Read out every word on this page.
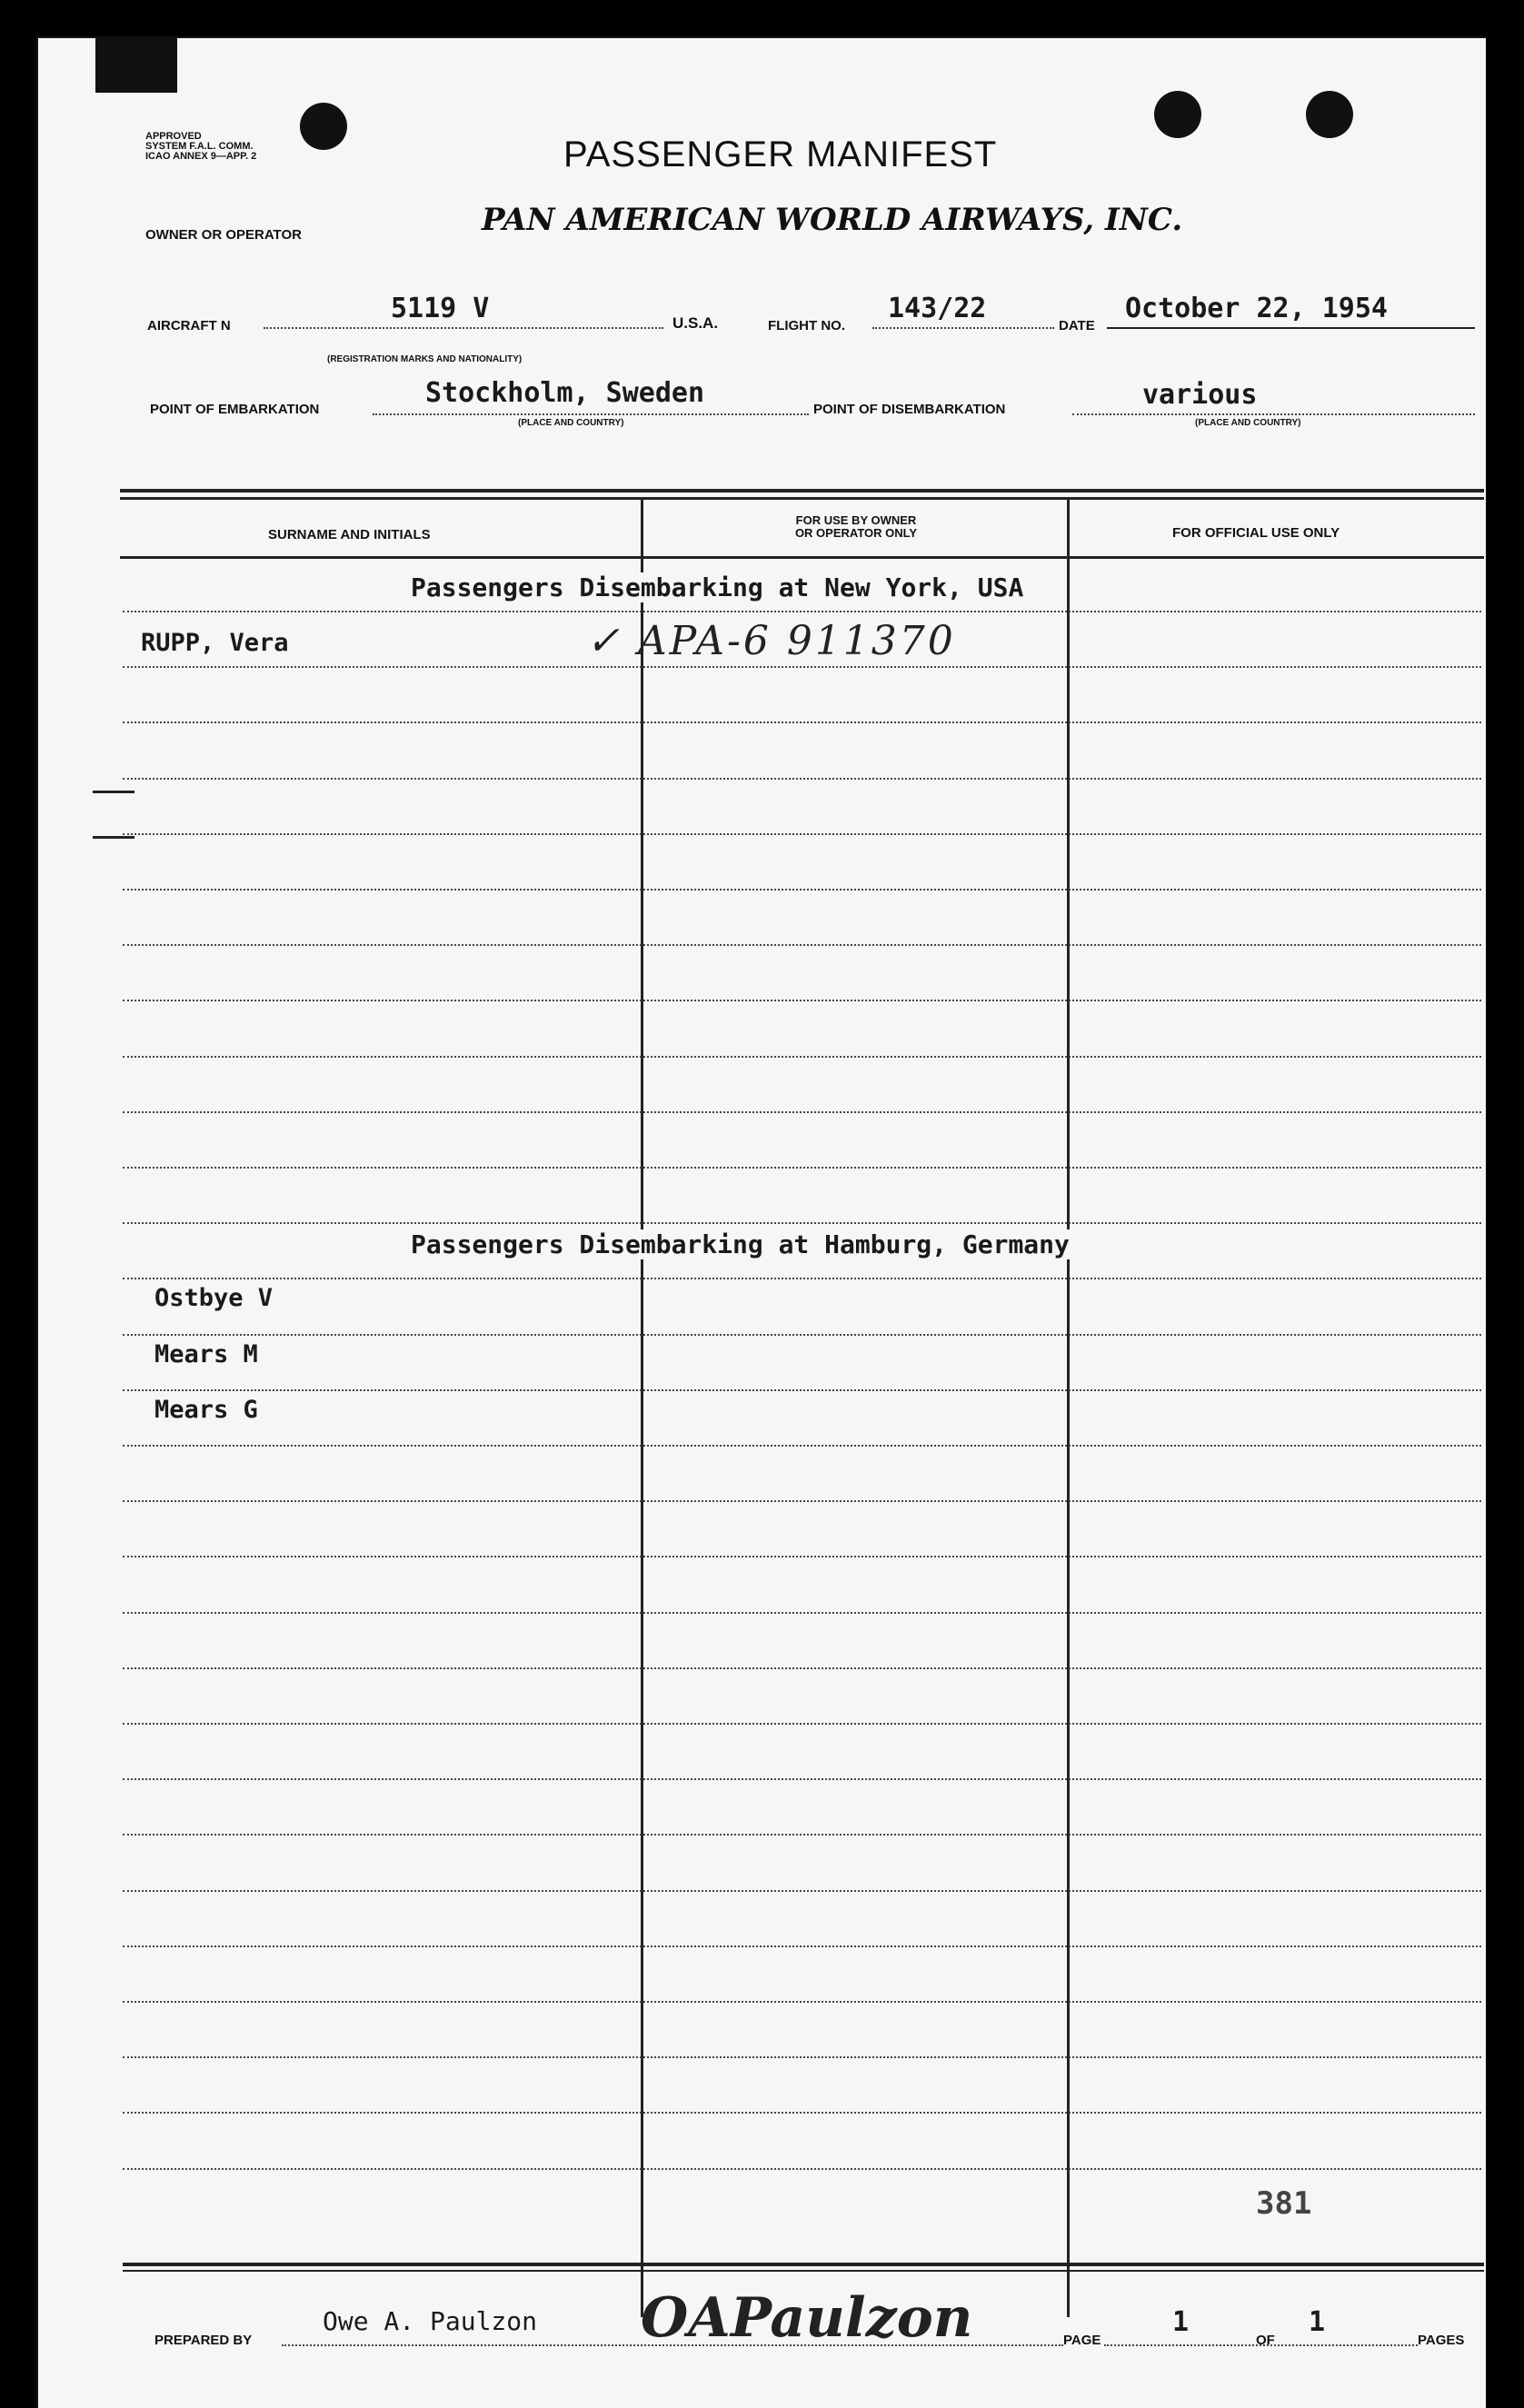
APPROVED
SYSTEM F.A.L. COMM.
ICAO ANNEX 9—APP. 2	PASSENGER MANIFEST
OWNER OR OPERATOR	PAN AMERICAN WORLD AIRWAYS, INC.
AIRCRAFT N
5119 V
(REGISTRATION MARKS AND NATIONALITY)
U.S.A.	FLIGHT NO.
143/22
DATE
October 22, 1954
POINT OF EMBARKATION
Stockholm, Sweden
(PLACE AND COUNTRY)
POINT OF DISEMBARKATION	various
(PLACE AND COUNTRY)
SURNAME AND INITIALS
FOR USE BY OWNER
OR OPERATOR ONLY	FOR OFFICIAL USE ONLY
Passengers Disembarking at New York, USA
RUPP, Vera	✓ APA-6 911370
Passengers Disembarking at Hamburg, Germany
Ostbye V
Mears M
Mears G
381
PREPARED BY
Owe A. Paulzon OAPaulzon	PAGE
1
OF
1
PAGES
